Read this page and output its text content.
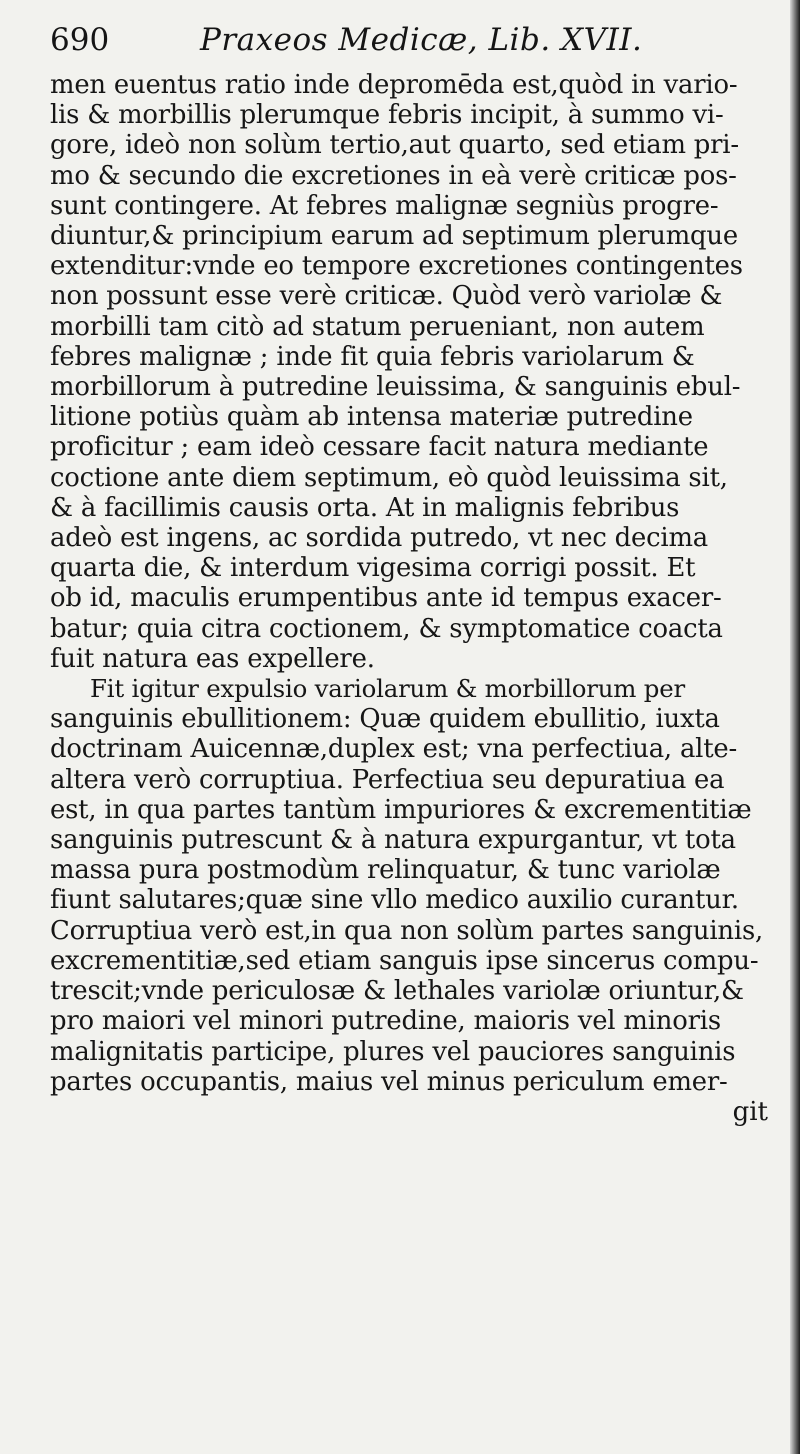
690	Praxeos Medicæ, Lib. XVII.
men euentus ratio inde depromēda est,quòd in vario-
lis & morbillis plerumque febris incipit, à summo vi-
gore, ideò non solùm tertio,aut quarto, sed etiam pri-
mo & secundo die excretiones in eà verè criticæ pos-
sunt contingere. At febres malignæ segniùs progre-
diuntur,& principium earum ad septimum plerumque
extenditur:vnde eo tempore excretiones contingentes
non possunt esse verè criticæ. Quòd verò variolæ &
morbilli tam citò ad statum perueniant, non autem
febres malignæ ; inde fit quia febris variolarum &
morbillorum à putredine leuissima, & sanguinis ebul-
litione potiùs quàm ab intensa materiæ putredine
proficitur ; eam ideò cessare facit natura mediante
coctione ante diem septimum, eò quòd leuissima sit,
& à facillimis causis orta. At in malignis febribus
adeò est ingens, ac sordida putredo, vt nec decima
quarta die, & interdum vigesima corrigi possit. Et
ob id, maculis erumpentibus ante id tempus exacer-
batur; quia citra coctionem, & symptomatice coacta
fuit natura eas expellere.
Fit igitur expulsio variolarum & morbillorum per
sanguinis ebullitionem: Quæ quidem ebullitio, iuxta
doctrinam Auicennæ,duplex est; vna perfectiua, alte-
altera verò corruptiua. Perfectiua seu depuratiua ea
est, in qua partes tantùm impuriores & excrementitiæ
sanguinis putrescunt & à natura expurgantur, vt tota
massa pura postmodùm relinquatur, & tunc variolæ
fiunt salutares;quæ sine vllo medico auxilio curantur.
Corruptiua verò est,in qua non solùm partes sanguinis,
excrementitiæ,sed etiam sanguis ipse sincerus compu-
trescit;vnde periculosæ & lethales variolæ oriuntur,&
pro maiori vel minori putredine, maioris vel minoris
malignitatis participe, plures vel pauciores sanguinis
partes occupantis, maius vel minus periculum emer-
git
